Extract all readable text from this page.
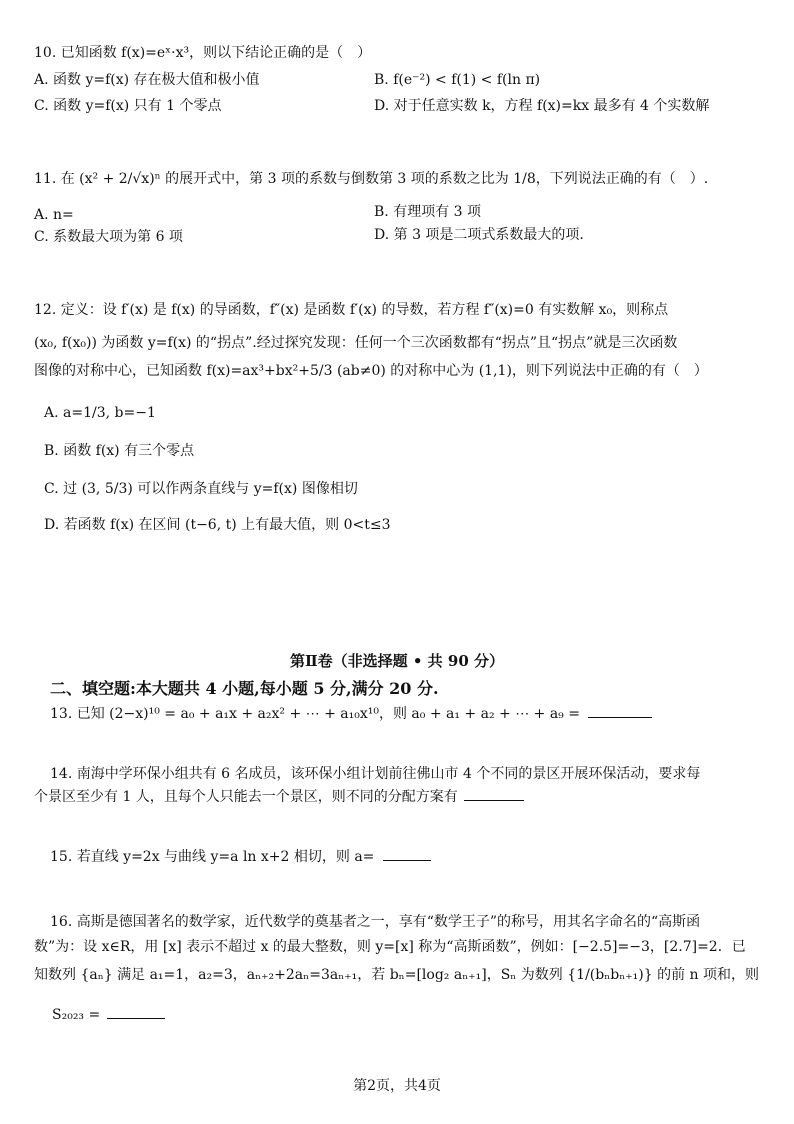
10. 已知函数 f(x)=eˣ·x³，则以下结论正确的是（　）
A. 函数 y=f(x) 存在极大值和极小值	B. f(e⁻²) < f(1) < f(ln π)
C. 函数 y=f(x) 只有 1 个零点	D. 对于任意实数 k，方程 f(x)=kx 最多有 4 个实数解
11. 在 (x² + 2/√x)ⁿ 的展开式中，第 3 项的系数与倒数第 3 项的系数之比为 1/8，下列说法正确的有（　）.
A. n=	B. 有理项有 3 项
C. 系数最大项为第 6 项	D. 第 3 项是二项式系数最大的项.
12. 定义：设 f′(x) 是 f(x) 的导函数，f″(x) 是函数 f′(x) 的导数，若方程 f″(x)=0 有实数解 x₀，则称点
(x₀, f(x₀)) 为函数 y=f(x) 的“拐点”.经过探究发现：任何一个三次函数都有“拐点”且“拐点”就是三次函数
图像的对称中心，已知函数 f(x)=ax³+bx²+5/3 (ab≠0) 的对称中心为 (1,1)，则下列说法中正确的有（　）
A. a=1/3, b=−1
B. 函数 f(x) 有三个零点
C. 过 (3, 5/3) 可以作两条直线与 y=f(x) 图像相切
D. 若函数 f(x) 在区间 (t−6, t) 上有最大值，则 0<t≤3
第Ⅱ卷（非选择题 • 共 90 分）
二、填空题:本大题共 4 小题,每小题 5 分,满分 20 分.
13. 已知 (2−x)¹⁰ = a₀ + a₁x + a₂x² + ⋯ + a₁₀x¹⁰，则 a₀ + a₁ + a₂ + ⋯ + a₉ =
14. 南海中学环保小组共有 6 名成员，该环保小组计划前往佛山市 4 个不同的景区开展环保活动，要求每
个景区至少有 1 人，且每个人只能去一个景区，则不同的分配方案有
15. 若直线 y=2x 与曲线 y=a ln x+2 相切，则 a=
16. 高斯是德国著名的数学家，近代数学的奠基者之一，享有“数学王子”的称号，用其名字命名的“高斯函
数”为：设 x∈R，用 [x] 表示不超过 x 的最大整数，则 y=[x] 称为“高斯函数”，例如：[−2.5]=−3，[2.7]=2．已
知数列 {aₙ} 满足 a₁=1，a₂=3，aₙ₊₂+2aₙ=3aₙ₊₁，若 bₙ=[log₂ aₙ₊₁]，Sₙ 为数列 {1/(bₙbₙ₊₁)} 的前 n 项和，则
S₂₀₂₃ =
第2页，共4页
